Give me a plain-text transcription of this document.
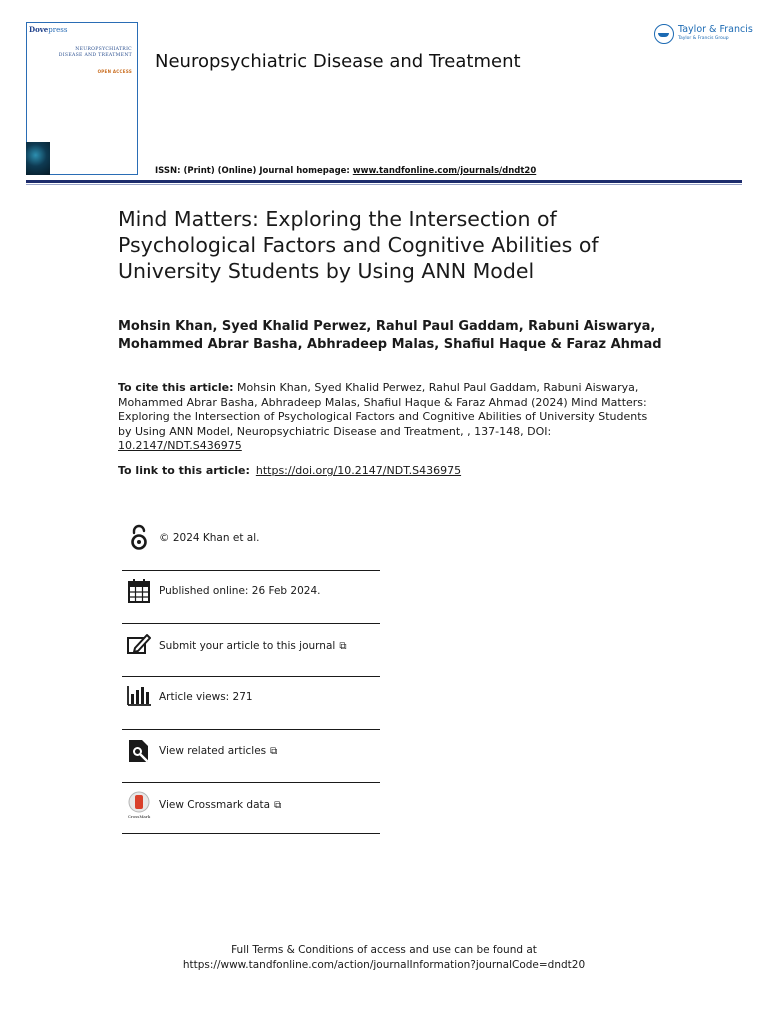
Dovepress
NEUROPSYCHIATRIC
DISEASE AND TREATMENT
OPEN ACCESS Neuropsychiatric Disease and Treatment
Taylor & Francis
Taylor & Francis Group
ISSN: (Print) (Online) Journal homepage: www.tandfonline.com/journals/dndt20
Mind Matters: Exploring the Intersection of Psychological Factors and Cognitive Abilities of University Students by Using ANN Model
Mohsin Khan, Syed Khalid Perwez, Rahul Paul Gaddam, Rabuni Aiswarya, Mohammed Abrar Basha, Abhradeep Malas, Shafiul Haque & Faraz Ahmad
To cite this article: Mohsin Khan, Syed Khalid Perwez, Rahul Paul Gaddam, Rabuni Aiswarya, Mohammed Abrar Basha, Abhradeep Malas, Shafiul Haque & Faraz Ahmad (2024) Mind Matters: Exploring the Intersection of Psychological Factors and Cognitive Abilities of University Students by Using ANN Model, Neuropsychiatric Disease and Treatment, , 137-148, DOI: 10.2147/NDT.S436975
To link to this article: https://doi.org/10.2147/NDT.S436975
© 2024 Khan et al.
Published online: 26 Feb 2024.
Submit your article to this journal ⧉
Article views: 271
View related articles ⧉
CrossMark
View Crossmark data ⧉
Full Terms & Conditions of access and use can be found at
https://www.tandfonline.com/action/journalInformation?journalCode=dndt20
